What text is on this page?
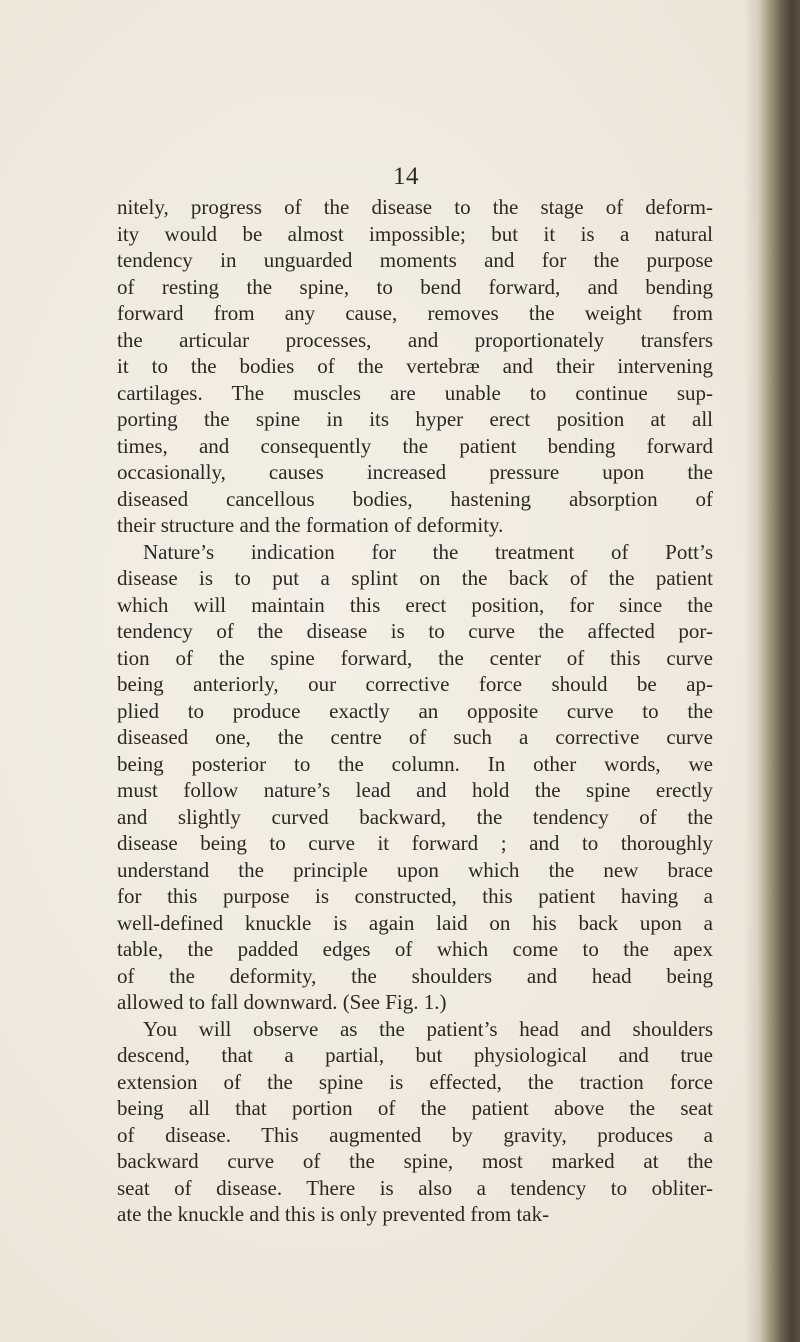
14
nitely, progress of the disease to the stage of deform-
ity would be almost impossible; but it is a natural
tendency in unguarded moments and for the purpose
of resting the spine, to bend forward, and bending
forward from any cause, removes the weight from
the articular processes, and proportionately transfers
it to the bodies of the vertebræ and their intervening
cartilages. The muscles are unable to continue sup-
porting the spine in its hyper erect position at all
times, and consequently the patient bending forward
occasionally, causes increased pressure upon the
diseased cancellous bodies, hastening absorption of
their structure and the formation of deformity.
Nature’s indication for the treatment of Pott’s
disease is to put a splint on the back of the patient
which will maintain this erect position, for since the
tendency of the disease is to curve the affected por-
tion of the spine forward, the center of this curve
being anteriorly, our corrective force should be ap-
plied to produce exactly an opposite curve to the
diseased one, the centre of such a corrective curve
being posterior to the column. In other words, we
must follow nature’s lead and hold the spine erectly
and slightly curved backward, the tendency of the
disease being to curve it forward ; and to thoroughly
understand the principle upon which the new brace
for this purpose is constructed, this patient having a
well-defined knuckle is again laid on his back upon a
table, the padded edges of which come to the apex
of the deformity, the shoulders and head being
allowed to fall downward. (See Fig. 1.)
You will observe as the patient’s head and shoulders
descend, that a partial, but physiological and true
extension of the spine is effected, the traction force
being all that portion of the patient above the seat
of disease. This augmented by gravity, produces a
backward curve of the spine, most marked at the
seat of disease. There is also a tendency to obliter-
ate the knuckle and this is only prevented from tak-
